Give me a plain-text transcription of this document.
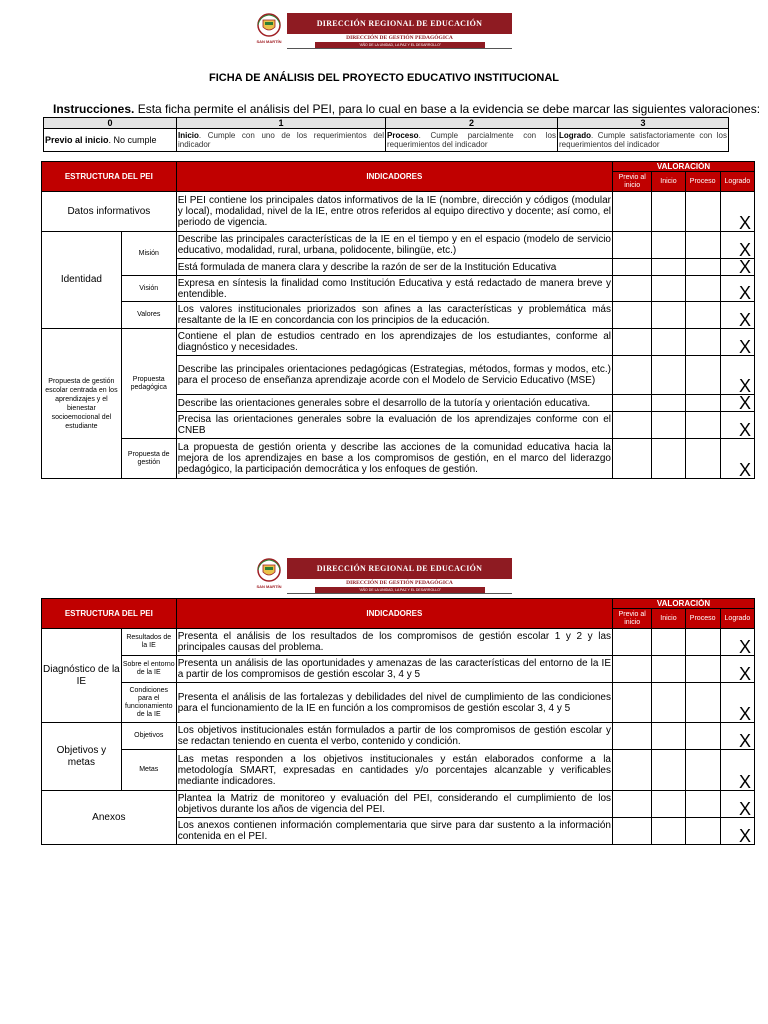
SAN MARTÍN
DIRECCIÓN REGIONAL DE EDUCACIÓN
DIRECCIÓN DE GESTIÓN PEDAGÓGICA
"AÑO DE LA UNIDAD, LA PAZ Y EL DESARROLLO"
FICHA DE ANÁLISIS DEL PROYECTO EDUCATIVO INSTITUCIONAL
Instrucciones. Esta ficha permite el análisis del PEI, para lo cual en base a la evidencia se debe marcar las siguientes valoraciones:
0	1	2	3
Previo al inicio. No cumple	Inicio. Cumple con uno de los requerimientos del indicador	Proceso. Cumple parcialmente con los requerimientos del indicador	Logrado. Cumple satisfactoriamente con los requerimientos del indicador
ESTRUCTURA DEL PEI		INDICADORES	VALORACIÓN			
			Previo al inicio	Inicio	Proceso	Logrado
Datos informativos		El PEI contiene los principales datos informativos de la IE (nombre, dirección y códigos (modular y local), modalidad, nivel de la IE, entre otros referidos al equipo directivo y docente; así como, el periodo de vigencia.				X
Identidad	Misión	Describe las principales características de la IE en el tiempo y en el espacio (modelo de servicio educativo, modalidad, rural, urbana, polidocente, bilingüe, etc.)				X
		Está formulada de manera clara y describe la razón de ser de la Institución Educativa				X
	Visión	Expresa en síntesis la finalidad como Institución Educativa y está redactado de manera breve y entendible.				X
	Valores	Los valores institucionales priorizados son afines a las características y problemática más resaltante de la IE en concordancia con los principios de la educación.				X
Propuesta de gestión escolar centrada en los aprendizajes y el bienestar socioemocional del estudiante	Propuesta pedagógica	Contiene el plan de estudios centrado en los aprendizajes de los estudiantes, conforme al diagnóstico y necesidades.				X
		Describe las principales orientaciones pedagógicas (Estrategias, métodos, formas y modos, etc.) para el proceso de enseñanza aprendizaje acorde con el Modelo de Servicio Educativo (MSE)				X
		Describe las orientaciones generales sobre el desarrollo de la tutoría y orientación educativa.				X
		Precisa las orientaciones generales sobre la evaluación de los aprendizajes conforme con el CNEB				X
	Propuesta de gestión	La propuesta de gestión orienta y describe las acciones de la comunidad educativa hacia la mejora de los aprendizajes en base a los compromisos de gestión, en el marco del liderazgo pedagógico, la participación democrática y los enfoques de gestión.				X
SAN MARTÍN
DIRECCIÓN REGIONAL DE EDUCACIÓN
DIRECCIÓN DE GESTIÓN PEDAGÓGICA
"AÑO DE LA UNIDAD, LA PAZ Y EL DESARROLLO"
ESTRUCTURA DEL PEI		INDICADORES	VALORACIÓN			
			Previo al inicio	Inicio	Proceso	Logrado
Diagnóstico de la IE	Resultados de la IE	Presenta el análisis de los resultados de los compromisos de gestión escolar 1 y 2 y las principales causas del problema.				X
	Sobre el entorno de la IE	Presenta un análisis de las oportunidades y amenazas de las características del entorno de la IE a partir de los compromisos de gestión escolar 3, 4 y 5				X
	Condiciones para el funcionamiento de la IE	Presenta el análisis de las fortalezas y debilidades del nivel de cumplimiento de las condiciones para el funcionamiento de la IE en función a los compromisos de gestión escolar 3, 4 y 5				X
Objetivos y metas	Objetivos	Los objetivos institucionales están formulados a partir de los compromisos de gestión escolar y se redactan teniendo en cuenta el verbo, contenido y condición.				X
	Metas	Las metas responden a los objetivos institucionales y están elaborados conforme a la metodología SMART, expresadas en cantidades y/o porcentajes alcanzable y verificables mediante indicadores.				X
Anexos		Plantea la Matriz de monitoreo y evaluación del PEI, considerando el cumplimiento de los objetivos durante los años de vigencia del PEI.				X
		Los anexos contienen información complementaria que sirve para dar sustento a la información contenida en el PEI.				X
